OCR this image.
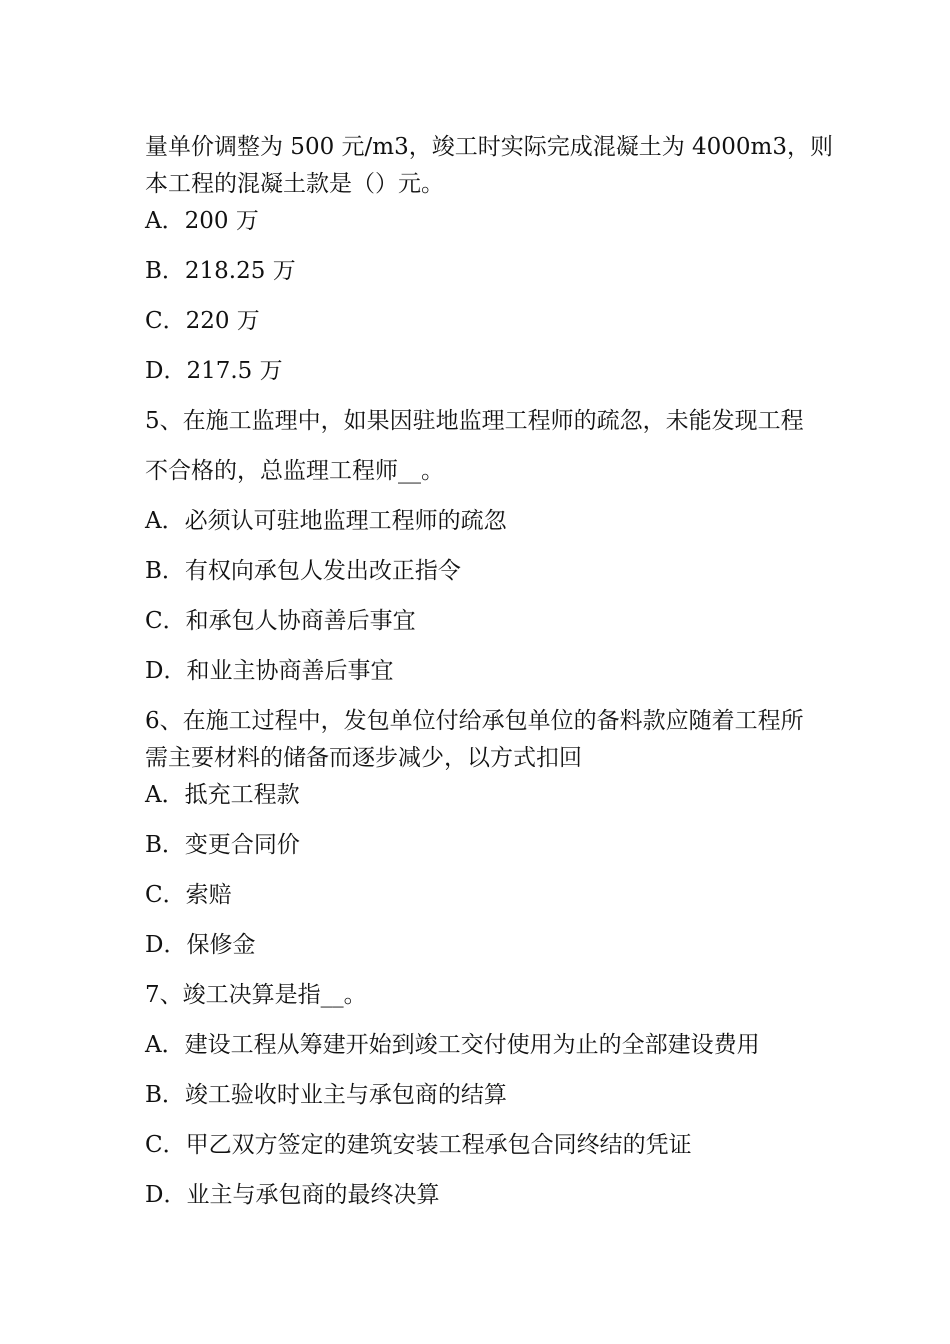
量单价调整为 500 元/m3，竣工时实际完成混凝土为 4000m3，则

本工程的混凝土款是（）元。

A．200 万

B．218.25 万

C．220 万

D．217.5 万

5、在施工监理中，如果因驻地监理工程师的疏忽，未能发现工程

不合格的，总监理工程师__。

A．必须认可驻地监理工程师的疏忽

B．有权向承包人发出改正指令

C．和承包人协商善后事宜

D．和业主协商善后事宜

6、在施工过程中，发包单位付给承包单位的备料款应随着工程所

需主要材料的储备而逐步减少，以方式扣回

A．抵充工程款

B．变更合同价

C．索赔

D．保修金

7、竣工决算是指__。

A．建设工程从筹建开始到竣工交付使用为止的全部建设费用

B．竣工验收时业主与承包商的结算

C．甲乙双方签定的建筑安装工程承包合同终结的凭证

D．业主与承包商的最终决算
